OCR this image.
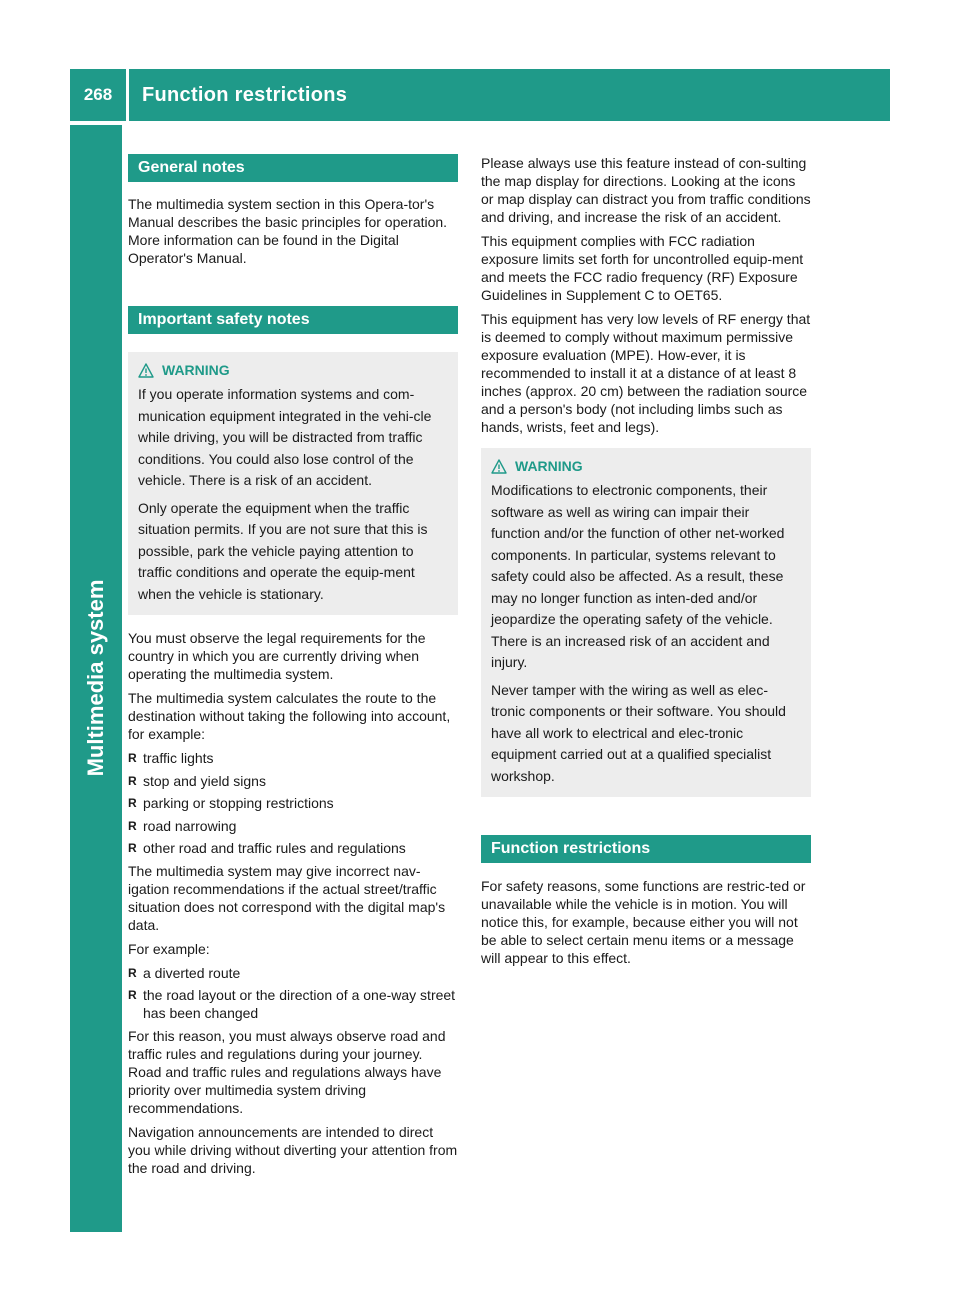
268	Function restrictions
Multimedia system
General notes

The multimedia system section in this Opera-tor's Manual describes the basic principles for operation. More information can be found in the Digital Operator's Manual.

Important safety notes
WARNING

If you operate information systems and com-munication equipment integrated in the vehi-cle while driving, you will be distracted from traffic conditions. You could also lose control of the vehicle. There is a risk of an accident.

Only operate the equipment when the traffic situation permits. If you are not sure that this is possible, park the vehicle paying attention to traffic conditions and operate the equip-ment when the vehicle is stationary.

You must observe the legal requirements for the country in which you are currently driving when operating the multimedia system.

The multimedia system calculates the route to the destination without taking the following into account, for example:

R traffic lights
R stop and yield signs
R parking or stopping restrictions
R road narrowing
R other road and traffic rules and regulations

The multimedia system may give incorrect nav-igation recommendations if the actual street/traffic situation does not correspond with the digital map's data.

For example:

R a diverted route
R the road layout or the direction of a one-way street has been changed

For this reason, you must always observe road and traffic rules and regulations during your journey. Road and traffic rules and regulations always have priority over multimedia system driving recommendations.

Navigation announcements are intended to direct you while driving without diverting your attention from the road and driving.

Please always use this feature instead of con-sulting the map display for directions. Looking at the icons or map display can distract you from traffic conditions and driving, and increase the risk of an accident.

This equipment complies with FCC radiation exposure limits set forth for uncontrolled equip-ment and meets the FCC radio frequency (RF) Exposure Guidelines in Supplement C to OET65.

This equipment has very low levels of RF energy that is deemed to comply without maximum permissive exposure evaluation (MPE). How-ever, it is recommended to install it at a distance of at least 8 inches (approx. 20 cm) between the radiation source and a person's body (not including limbs such as hands, wrists, feet and legs).

WARNING

Modifications to electronic components, their software as well as wiring can impair their function and/or the function of other net-worked components. In particular, systems relevant to safety could also be affected. As a result, these may no longer function as inten-ded and/or jeopardize the operating safety of the vehicle. There is an increased risk of an accident and injury.

Never tamper with the wiring as well as elec-tronic components or their software. You should have all work to electrical and elec-tronic equipment carried out at a qualified specialist workshop.

Function restrictions

For safety reasons, some functions are restric-ted or unavailable while the vehicle is in motion. You will notice this, for example, because either you will not be able to select certain menu items or a message will appear to this effect.
